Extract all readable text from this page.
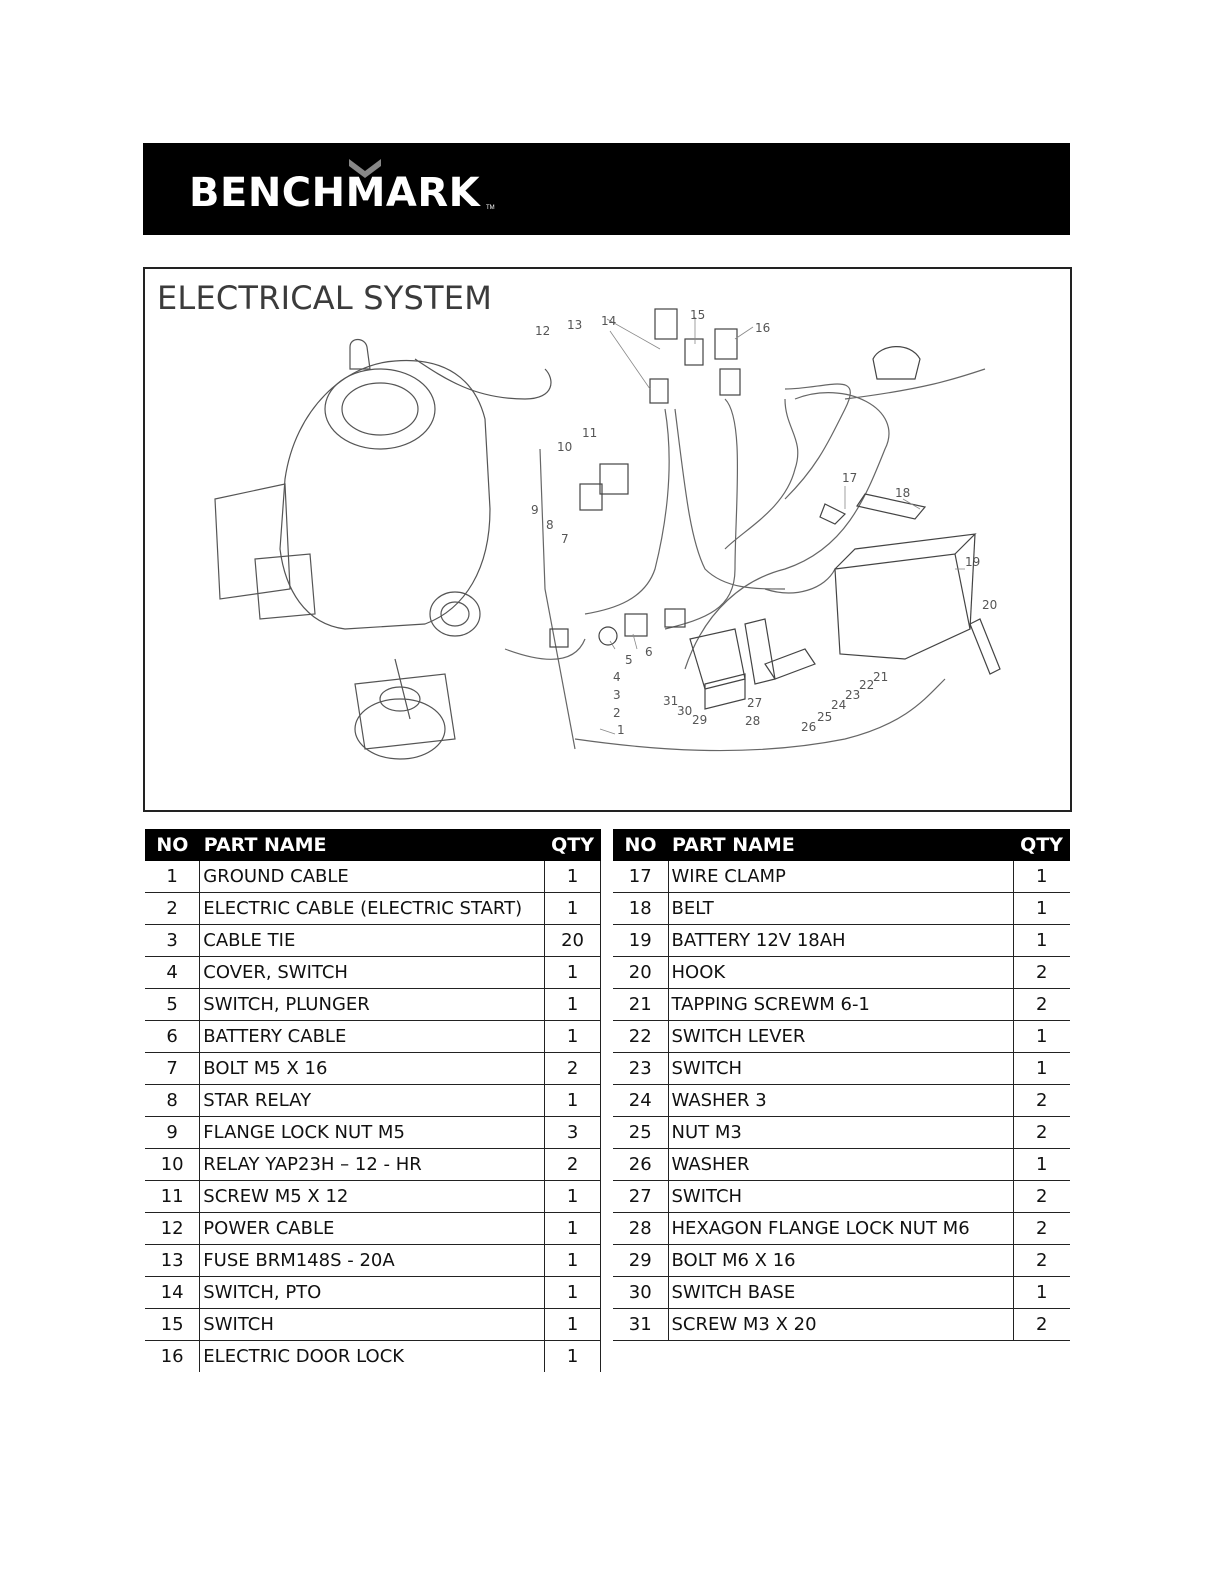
BENCHMARK TM
1
2
3
4
5
6
7
8
9
10
11
12 13 14	15
16
17
18
19
20
21
22
23
24
25
26
27
28
29
30
31
ELECTRICAL SYSTEM
NO	PART NAME	QTY
1	GROUND CABLE	1
2	ELECTRIC CABLE (ELECTRIC START)	1
3	CABLE TIE	20
4	COVER, SWITCH	1
5	SWITCH, PLUNGER	1
6	BATTERY CABLE	1
7	BOLT M5 X 16	2
8	STAR RELAY	1
9	FLANGE LOCK NUT M5	3
10	RELAY YAP23H – 12 - HR	2
11	SCREW M5 X 12	1
12	POWER CABLE	1
13	FUSE BRM148S - 20A	1
14	SWITCH, PTO	1
15	SWITCH	1
16	ELECTRIC DOOR LOCK	1
NO	PART NAME	QTY
17	WIRE CLAMP	1
18	BELT	1
19	BATTERY 12V 18AH	1
20	HOOK	2
21	TAPPING SCREWM 6-1	2
22	SWITCH LEVER	1
23	SWITCH	1
24	WASHER 3	2
25	NUT M3	2
26	WASHER	1
27	SWITCH	2
28	HEXAGON FLANGE LOCK NUT M6	2
29	BOLT M6 X 16	2
30	SWITCH BASE	1
31	SCREW M3 X 20	2
